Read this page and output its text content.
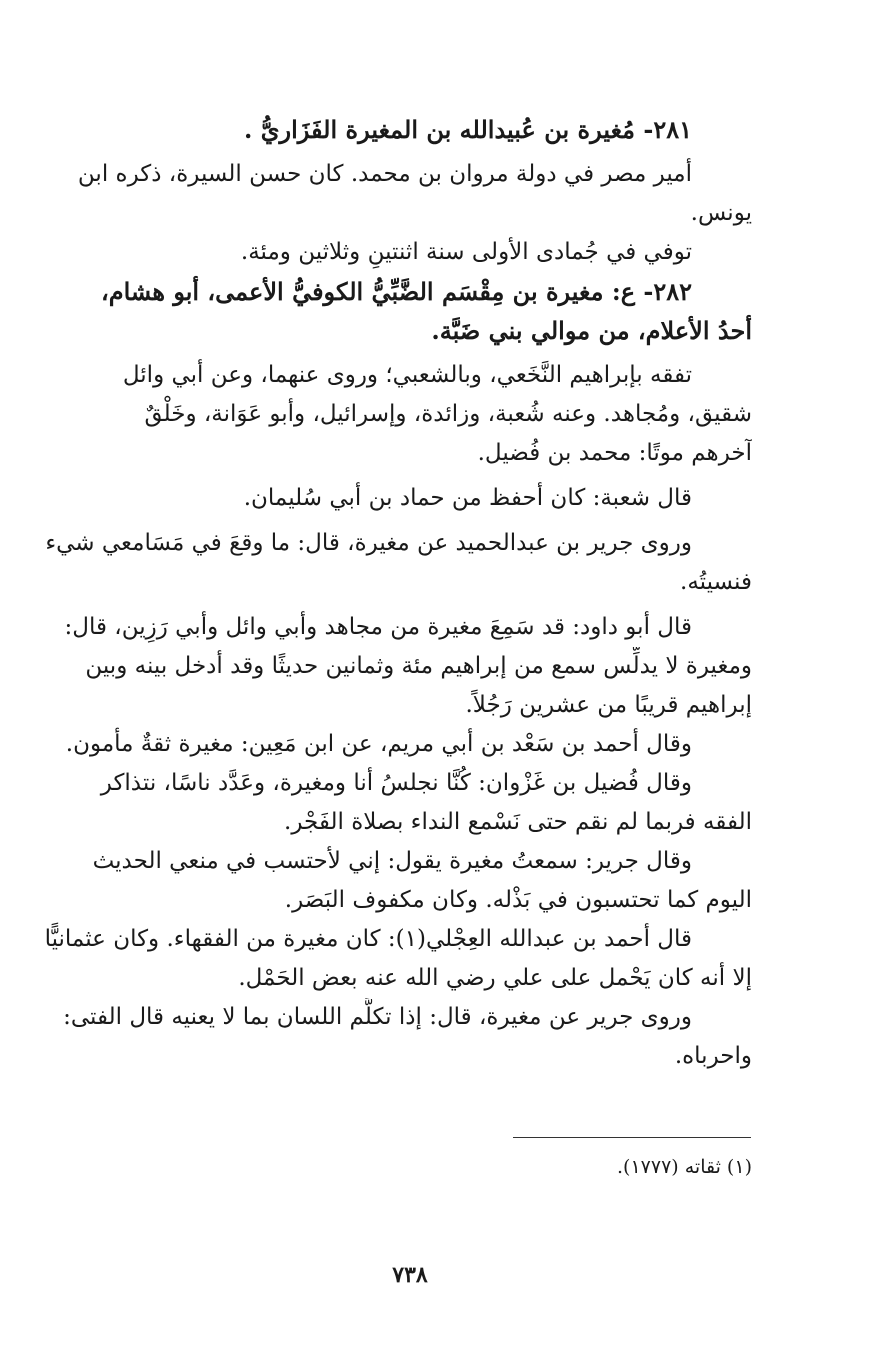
٢٨١- مُغيرة بن عُبيدالله بن المغيرة الفَزَاريُّ .
أمير مصر في دولة مروان بن محمد. كان حسن السيرة، ذكره ابن
يونس.
توفي في جُمادى الأولى سنة اثنتينِ وثلاثين ومئة.
٢٨٢- ع: مغيرة بن مِقْسَم الضَّبِّيُّ الكوفيُّ الأعمى، أبو هشام،
أحدُ الأعلام، من موالي بني ضَبَّة.
تفقه بإبراهيم النَّخَعي، وبالشعبي؛ وروى عنهما، وعن أبي وائل
شقيق، ومُجاهد. وعنه شُعبة، وزائدة، وإسرائيل، وأبو عَوَانة، وخَلْقٌ
آخرهم موتًا: محمد بن فُضيل.
قال شعبة: كان أحفظ من حماد بن أبي سُليمان.
وروى جرير بن عبدالحميد عن مغيرة، قال: ما وقعَ في مَسَامعي شيء
فنسيتُه.
قال أبو داود: قد سَمِعَ مغيرة من مجاهد وأبي وائل وأبي رَزِين، قال:
ومغيرة لا يدلِّس سمع من إبراهيم مئة وثمانين حديثًا وقد أدخل بينه وبين
إبراهيم قريبًا من عشرين رَجُلاً.
وقال أحمد بن سَعْد بن أبي مريم، عن ابن مَعِين: مغيرة ثقةٌ مأمون.
وقال فُضيل بن غَزْوان: كُنَّا نجلسُ أنا ومغيرة، وعَدَّد ناسًا، نتذاكر
الفقه فربما لم نقم حتى نَسْمع النداء بصلاة الفَجْر.
وقال جرير: سمعتُ مغيرة يقول: إني لأحتسب في منعي الحديث
اليوم كما تحتسبون في بَذْله. وكان مكفوف البَصَر.
قال أحمد بن عبدالله العِجْلي(١): كان مغيرة من الفقهاء. وكان عثمانيًّا
إلا أنه كان يَحْمل على علي رضي الله عنه بعض الحَمْل.
وروى جرير عن مغيرة، قال: إذا تكلَّم اللسان بما لا يعنيه قال الفتى:
واحرباه.
(١) ثقاته (١٧٧٧).
٧٣٨
